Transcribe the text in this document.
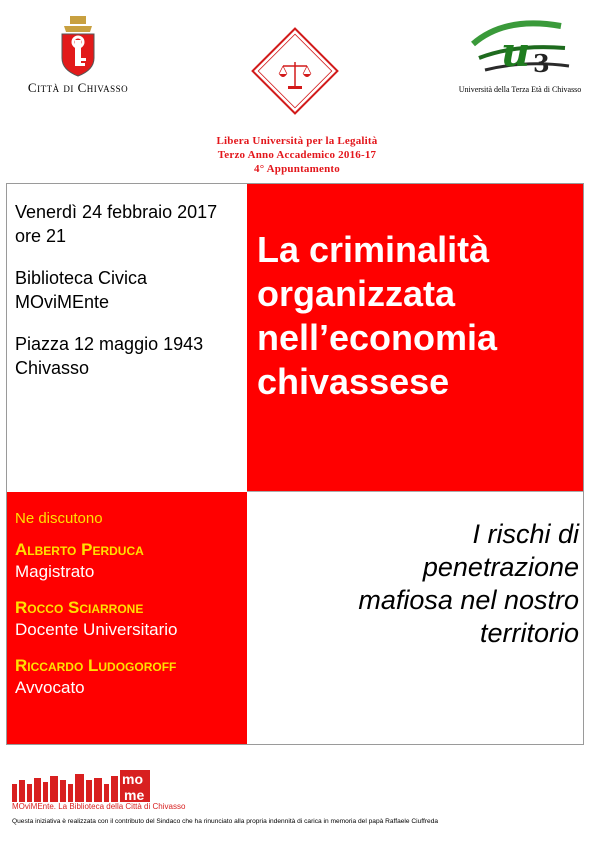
Città di Chivasso
u 3
Università della Terza Età di Chivasso
Libera Università per la Legalità
Terzo Anno Accademico 2016-17
4° Appuntamento

Venerdì 24 febbraio 2017

ore 21

Biblioteca Civica

MOviMEnte

Piazza 12 maggio 1943

Chivasso

La criminalità
organizzata
nell’economia
chivassese
Ne discutono
Alberto Perduca
Magistrato
Rocco Sciarrone
Docente Universitario
Riccardo Ludogoroff
Avvocato
I rischi di
penetrazione
mafiosa nel nostro
territorio
mo
me
MOviMEnte. La Biblioteca della Città di Chivasso
Questa iniziativa è realizzata con il contributo del Sindaco che ha rinunciato alla propria indennità di carica in memoria del papà Raffaele Ciuffreda
